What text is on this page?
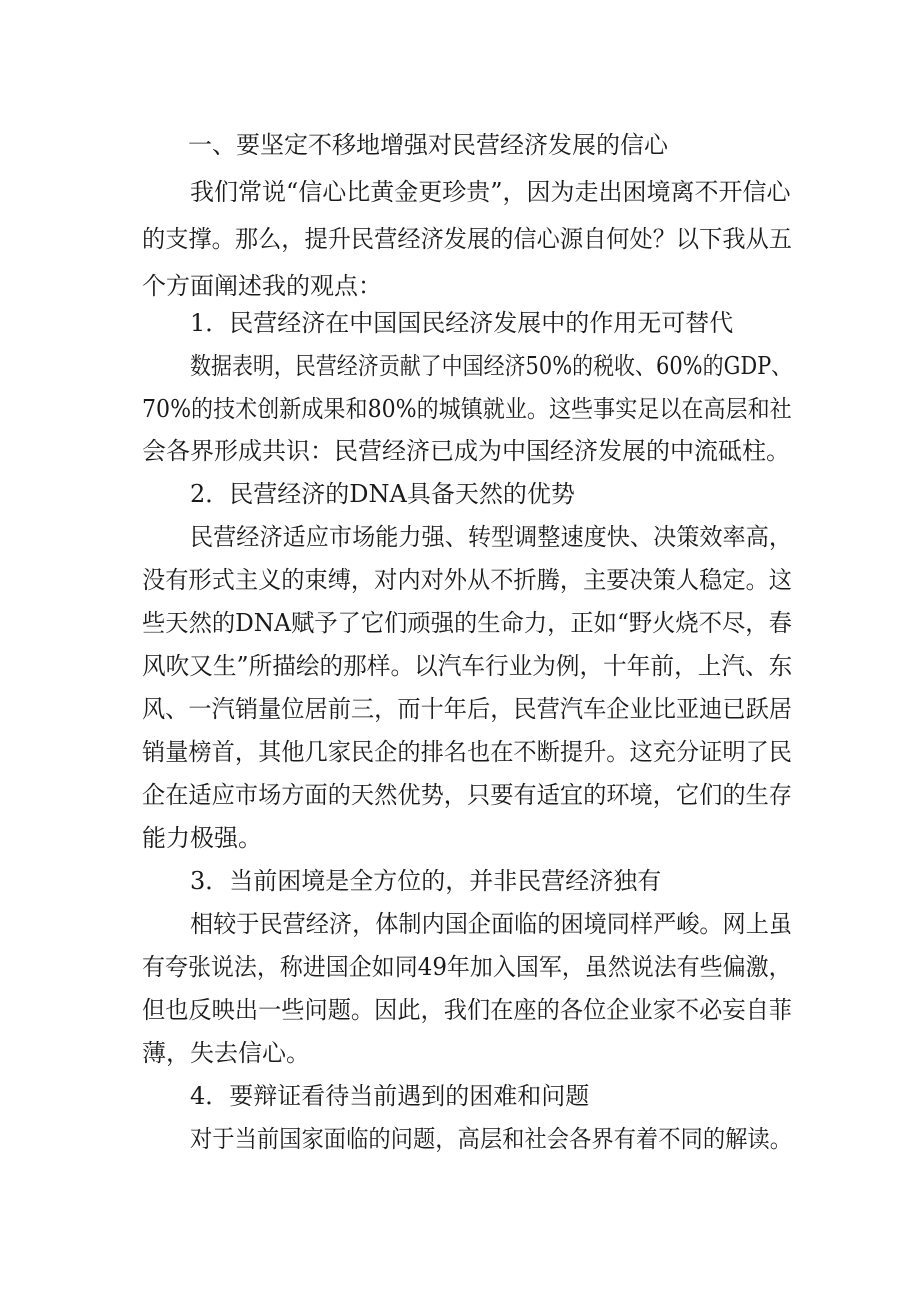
一、要坚定不移地增强对民营经济发展的信心
我们常说“信心比黄金更珍贵”，因为走出困境离不开信心
的支撑。那么，提升民营经济发展的信心源自何处？以下我从五
个方面阐述我的观点：
1．民营经济在中国国民经济发展中的作用无可替代
数据表明，民营经济贡献了中国经济50%的税收、60%的GDP、
70%的技术创新成果和80%的城镇就业。这些事实足以在高层和社
会各界形成共识：民营经济已成为中国经济发展的中流砥柱。
2．民营经济的DNA具备天然的优势
民营经济适应市场能力强、转型调整速度快、决策效率高，
没有形式主义的束缚，对内对外从不折腾，主要决策人稳定。这
些天然的DNA赋予了它们顽强的生命力，正如“野火烧不尽，春
风吹又生”所描绘的那样。以汽车行业为例，十年前，上汽、东
风、一汽销量位居前三，而十年后，民营汽车企业比亚迪已跃居
销量榜首，其他几家民企的排名也在不断提升。这充分证明了民
企在适应市场方面的天然优势，只要有适宜的环境，它们的生存
能力极强。
3．当前困境是全方位的，并非民营经济独有
相较于民营经济，体制内国企面临的困境同样严峻。网上虽
有夸张说法，称进国企如同49年加入国军，虽然说法有些偏激，
但也反映出一些问题。因此，我们在座的各位企业家不必妄自菲
薄，失去信心。
4．要辩证看待当前遇到的困难和问题
对于当前国家面临的问题，高层和社会各界有着不同的解读。
